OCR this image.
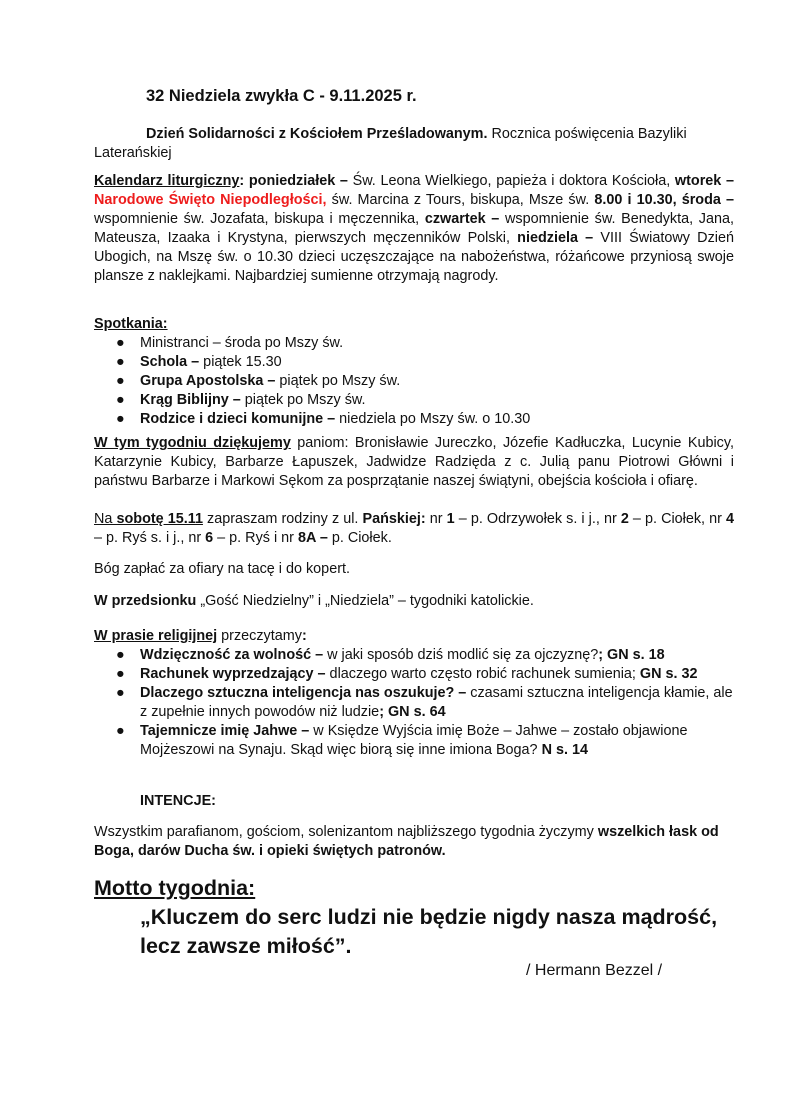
32 Niedziela zwykła C - 9.11.2025 r.

Dzień Solidarności z Kościołem Prześladowanym. Rocznica poświęcenia Bazyliki Laterańskiej

Kalendarz liturgiczny: poniedziałek – Św. Leona Wielkiego, papieża i doktora Kościoła, wtorek – Narodowe Święto Niepodległości, św. Marcina z Tours, biskupa, Msze św. 8.00 i 10.30, środa – wspomnienie św. Jozafata, biskupa i męczennika, czwartek – wspomnienie św. Benedykta, Jana, Mateusza, Izaaka i Krystyna, pierwszych męczenników Polski, niedziela – VIII Światowy Dzień Ubogich, na Mszę św. o 10.30 dzieci uczęszczające na nabożeństwa, różańcowe przyniosą swoje plansze z naklejkami. Najbardziej sumienne otrzymają nagrody.

Spotkania:

● Ministranci – środa po Mszy św.
● Schola – piątek 15.30
● Grupa Apostolska – piątek po Mszy św.
● Krąg Biblijny – piątek po Mszy św.
● Rodzice i dzieci komunijne – niedziela po Mszy św. o 10.30

W tym tygodniu dziękujemy paniom: Bronisławie Jureczko, Józefie Kadłuczka, Lucynie Kubicy, Katarzynie Kubicy, Barbarze Łapuszek, Jadwidze Radzięda z c. Julią panu Piotrowi Główni i państwu Barbarze i Markowi Sękom za posprzątanie naszej świątyni, obejścia kościoła i ofiarę.

Na sobotę 15.11 zapraszam rodziny z ul. Pańskiej: nr 1 – p. Odrzywołek s. i j., nr 2 – p. Ciołek, nr 4 – p. Ryś s. i j., nr 6 – p. Ryś i nr 8A – p. Ciołek.

Bóg zapłać za ofiary na tacę i do kopert.

W przedsionku „Gość Niedzielny” i „Niedziela” – tygodniki katolickie.

W prasie religijnej przeczytamy:

● Wdzięczność za wolność – w jaki sposób dziś modlić się za ojczyznę?; GN s. 18
● Rachunek wyprzedzający – dlaczego warto często robić rachunek sumienia; GN s. 32
● Dlaczego sztuczna inteligencja nas oszukuje? – czasami sztuczna inteligencja kłamie, ale z zupełnie innych powodów niż ludzie; GN s. 64
● Tajemnicze imię Jahwe – w Księdze Wyjścia imię Boże – Jahwe – zostało objawione Mojżeszowi na Synaju. Skąd więc biorą się inne imiona Boga? N s. 14

INTENCJE:

Wszystkim parafianom, gościom, solenizantom najbliższego tygodnia życzymy wszelkich łask od Boga, darów Ducha św. i opieki świętych patronów.

Motto tygodnia:

„Kluczem do serc ludzi nie będzie nigdy nasza mądrość, lecz zawsze miłość”.

/ Hermann Bezzel /
